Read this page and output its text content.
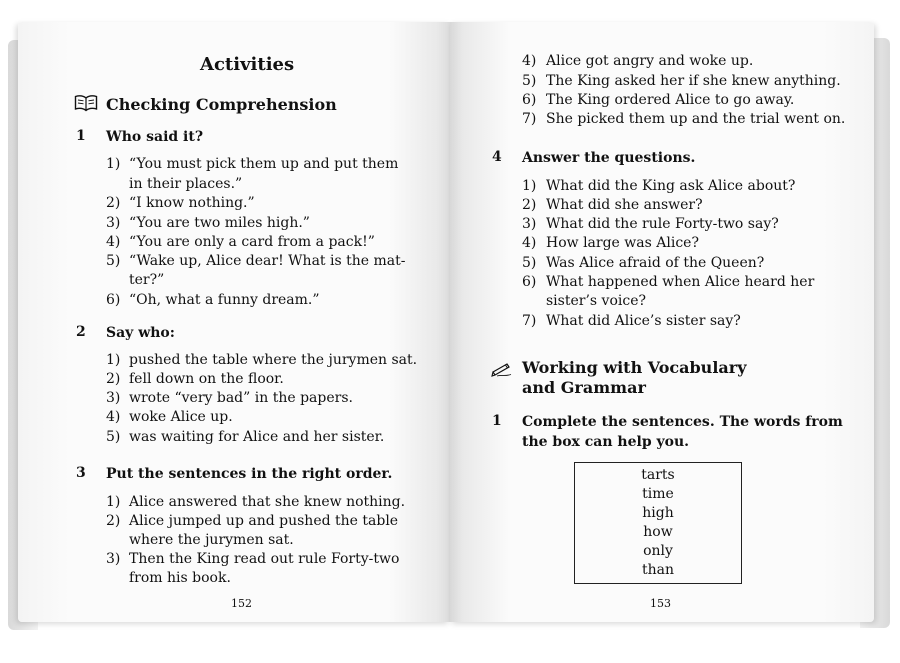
Activities
Checking Comprehension
1 Who said it?
1) “You must pick them up and put them
in their places.”
2) “I know nothing.”
3) “You are two miles high.”
4) “You are only a card from a pack!”
5) “Wake up, Alice dear! What is the mat-
ter?”
6) “Oh, what a funny dream.”
2 Say who:
1) pushed the table where the jurymen sat.
2) fell down on the floor.
3) wrote “very bad” in the papers.
4) woke Alice up.
5) was waiting for Alice and her sister.
3 Put the sentences in the right order.
1) Alice answered that she knew nothing.
2) Alice jumped up and pushed the table
where the jurymen sat.
3) Then the King read out rule Forty-two
from his book.
152
4) Alice got angry and woke up.
5) The King asked her if she knew anything.
6) The King ordered Alice to go away.
7) She picked them up and the trial went on.
4 Answer the questions.
1) What did the King ask Alice about?
2) What did she answer?
3) What did the rule Forty-two say?
4) How large was Alice?
5) Was Alice afraid of the Queen?
6) What happened when Alice heard her
sister’s voice?
7) What did Alice’s sister say?
Working with Vocabulary
and Grammar
1 Complete the sentences. The words from
the box can help you.
tarts
time
high
how
only
than
153
